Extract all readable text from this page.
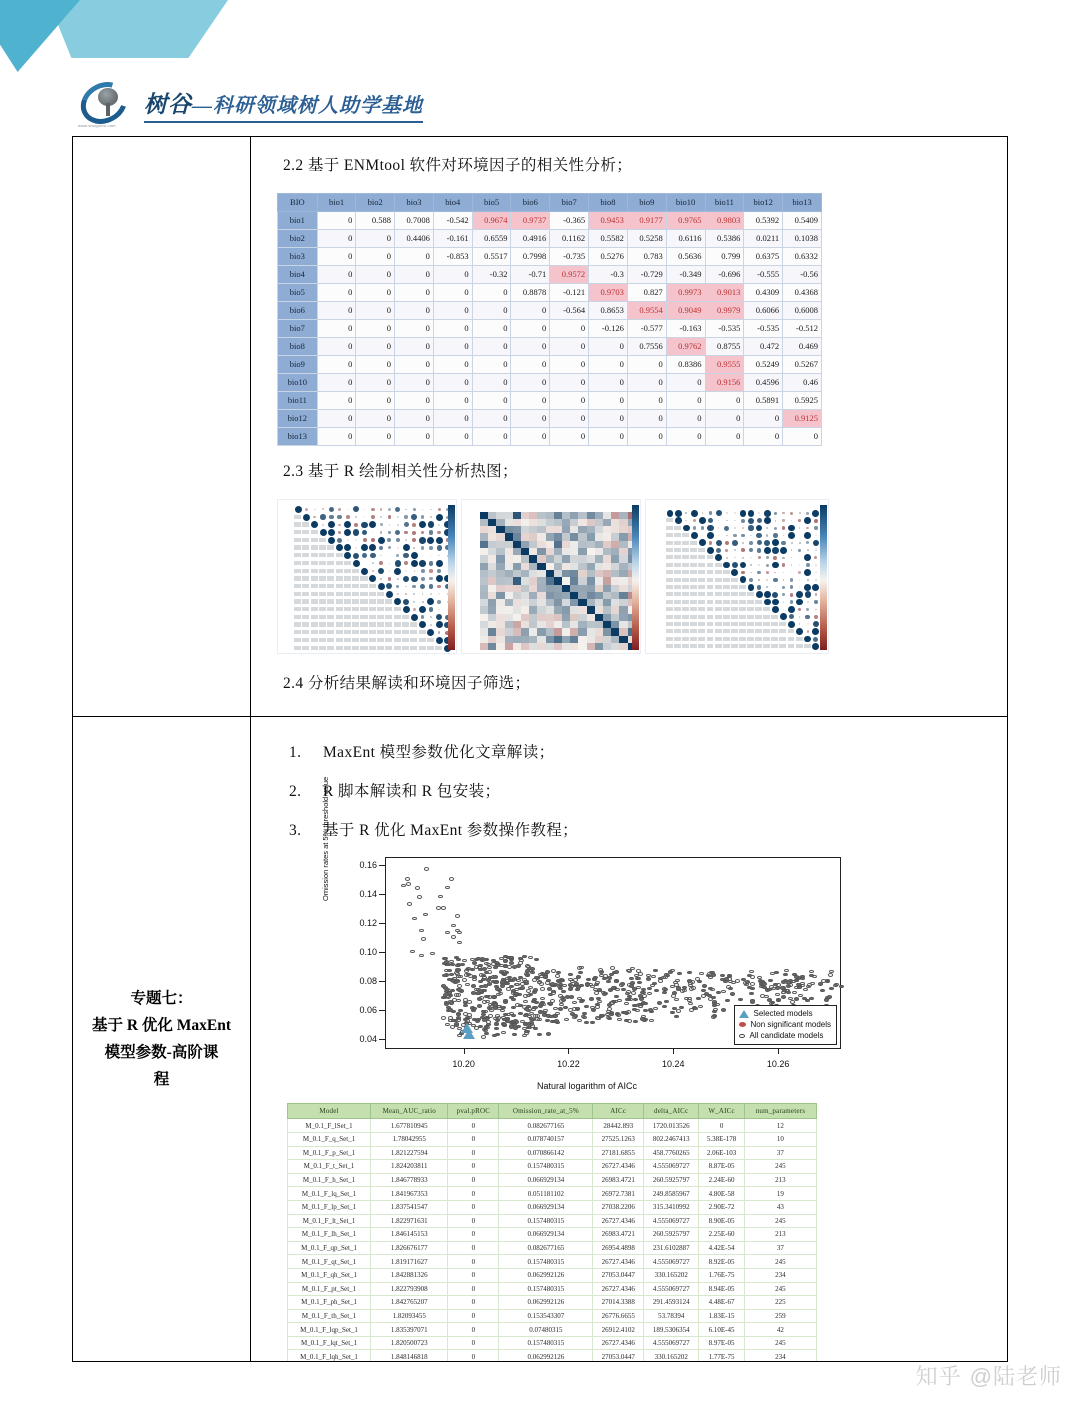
www.shugubio.com
树谷—科研领域树人助学基地
2.2 基于 ENMtool 软件对环境因子的相关性分析；
BIO	bio1	bio2	bio3	bio4	bio5	bio6	bio7	bio8	bio9	bio10	bio11	bio12	bio13
bio1	0	0.588	0.7008	-0.542	0.9674	0.9737	-0.365	0.9453	0.9177	0.9765	0.9803	0.5392	0.5409
bio2	0	0	0.4406	-0.161	0.6559	0.4916	0.1162	0.5582	0.5258	0.6116	0.5386	0.0211	0.1038
bio3	0	0	0	-0.853	0.5517	0.7998	-0.735	0.5276	0.783	0.5636	0.799	0.6375	0.6332
bio4	0	0	0	0	-0.32	-0.71	0.9572	-0.3	-0.729	-0.349	-0.696	-0.555	-0.56
bio5	0	0	0	0	0	0.8878	-0.121	0.9703	0.827	0.9973	0.9013	0.4309	0.4368
bio6	0	0	0	0	0	0	-0.564	0.8653	0.9554	0.9049	0.9979	0.6066	0.6008
bio7	0	0	0	0	0	0	0	-0.126	-0.577	-0.163	-0.535	-0.535	-0.512
bio8	0	0	0	0	0	0	0	0	0.7556	0.9762	0.8755	0.472	0.469
bio9	0	0	0	0	0	0	0	0	0	0.8386	0.9555	0.5249	0.5267
bio10	0	0	0	0	0	0	0	0	0	0	0.9156	0.4596	0.46
bio11	0	0	0	0	0	0	0	0	0	0	0	0.5891	0.5925
bio12	0	0	0	0	0	0	0	0	0	0	0	0	0.9125
bio13	0	0	0	0	0	0	0	0	0	0	0	0	0
2.3 基于 R 绘制相关性分析热图；
2.4 分析结果解读和环境因子筛选；
专题七：
基于 R 优化 MaxEnt
模型参数-高阶课
程
1. MaxEnt 模型参数优化文章解读；
2. R 脚本解读和 R 包安装；
3. 基于 R 优化 MaxEnt 参数操作教程；
Omission rates at 5% threshold value
Selected models
Non significant models
All candidate models
0.04
0.06
0.08
0.10
0.12
0.14
0.16
10.20	10.22	10.24	10.26
Natural logarithm of AICc
Model	Mean_AUC_ratio	pval.pROC	Omission_rate_at_5%	AICc	delta_AICc	W_AICc	num_parameters
M_0.1_F_lSet_1	1.677810945	0	0.082677165	28442.893	1720.013526	0	12
M_0.1_F_q_Set_1	1.78042955	0	0.078740157	27525.1263	802.2467413	5.38E-178	10
M_0.1_F_p_Set_1	1.821227594	0	0.070866142	27181.6855	458.7760265	2.06E-103	37
M_0.1_F_t_Set_1	1.824203811	0	0.157480315	26727.4346	4.555069727	8.87E-05	245
M_0.1_F_h_Set_1	1.846778933	0	0.066929134	26983.4721	260.5925797	2.24E-60	213
M_0.1_F_lq_Set_1	1.841967353	0	0.051181102	26972.7381	249.8585967	4.80E-58	19
M_0.1_F_lp_Set_1	1.837541547	0	0.066929134	27038.2206	315.3410992	2.90E-72	43
M_0.1_F_lt_Set_1	1.822971631	0	0.157480315	26727.4346	4.555069727	8.90E-05	245
M_0.1_F_lh_Set_1	1.846145153	0	0.066929134	26983.4721	260.5925797	2.25E-60	213
M_0.1_F_qp_Set_1	1.826676177	0	0.082677165	26954.4898	231.6102887	4.42E-54	37
M_0.1_F_qt_Set_1	1.819171627	0	0.157480315	26727.4346	4.555069727	8.92E-05	245
M_0.1_F_qh_Set_1	1.842881326	0	0.062992126	27053.0447	330.165202	1.76E-75	234
M_0.1_F_pt_Set_1	1.822793908	0	0.157480315	26727.4346	4.555069727	8.94E-05	245
M_0.1_F_ph_Set_1	1.842765207	0	0.062992126	27014.3388	291.4593124	4.48E-67	225
M_0.1_F_th_Set_1	1.82093455	0	0.153543307	26776.6655	53.78394	1.83E-15	259
M_0.1_F_lqp_Set_1	1.835397071	0	0.07480315	26912.4102	189.5306354	6.10E-45	42
M_0.1_F_lqt_Set_1	1.820500723	0	0.157480315	26727.4346	4.555069727	8.97E-05	245
M_0.1_F_lqh_Set_1	1.848146818	0	0.062992126	27053.0447	330.165202	1.77E-75	234
知乎 @陆老师
